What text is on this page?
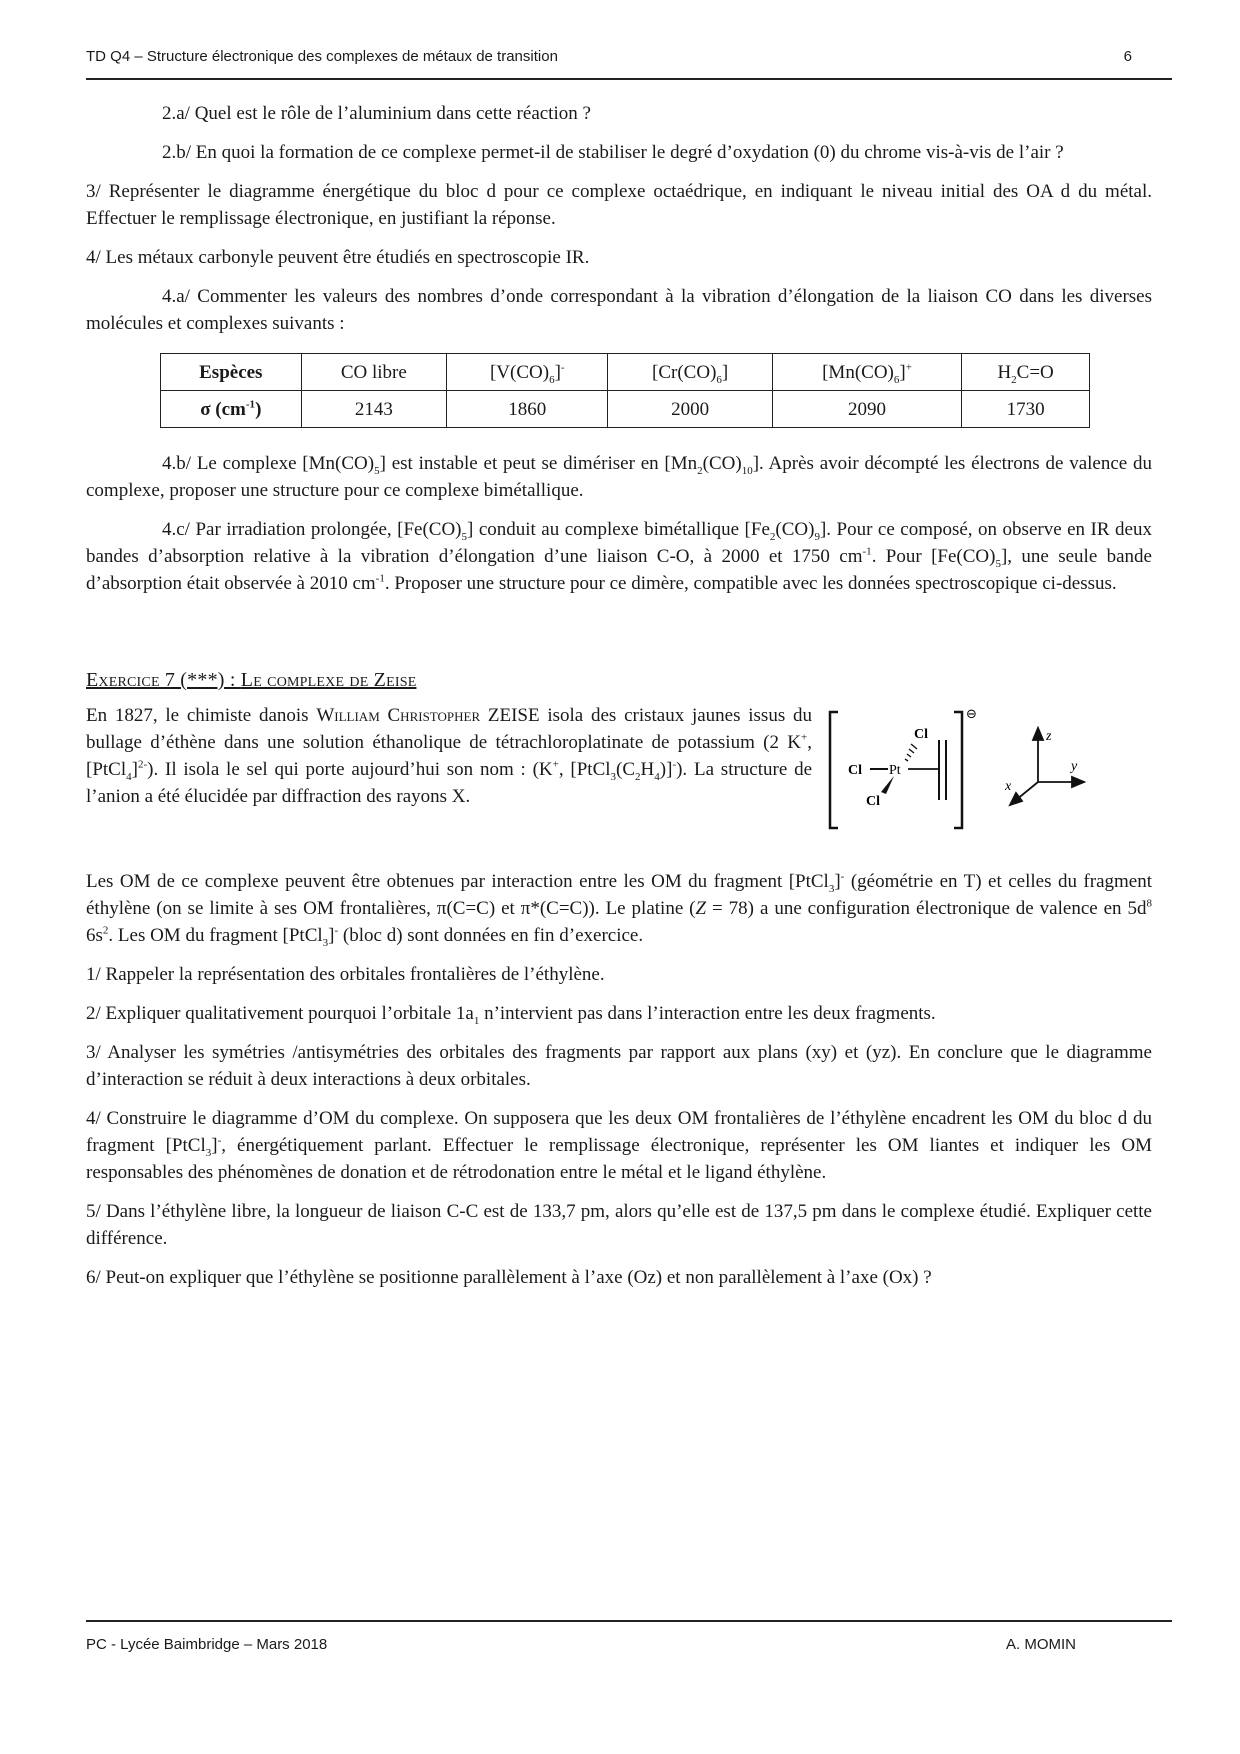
TD Q4 – Structure électronique des complexes de métaux de transition	6

2.a/ Quel est le rôle de l’aluminium dans cette réaction ?

2.b/ En quoi la formation de ce complexe permet-il de stabiliser le degré d’oxydation (0) du chrome vis-à-vis de l’air ?

3/ Représenter le diagramme énergétique du bloc d pour ce complexe octaédrique, en indiquant le niveau initial des OA d du métal. Effectuer le remplissage électronique, en justifiant la réponse.

4/ Les métaux carbonyle peuvent être étudiés en spectroscopie IR.

4.a/ Commenter les valeurs des nombres d’onde correspondant à la vibration d’élongation de la liaison CO dans les diverses molécules et complexes suivants :

Espèces	CO libre	$[V(CO)_6]^-$	$[Cr(CO)_6]$	$[Mn(CO)_6]^+$	$H_2C=O$
σ $(cm^{-1})$	2143	1860	2000	2090	1730

4.b/ Le complexe $[Mn(CO)_5]$ est instable et peut se dimériser en $[Mn_2(CO)_{10}]$. Après avoir décompté les électrons de valence du complexe, proposer une structure pour ce complexe bimétallique.

4.c/ Par irradiation prolongée, $[Fe(CO)_5]$ conduit au complexe bimétallique $[Fe_2(CO)_9]$. Pour ce composé, on observe en IR deux bandes d’absorption relative à la vibration d’élongation d’une liaison C-O, à 2000 et 1750 $cm^{-1}$. Pour $[Fe(CO)_5]$, une seule bande d’absorption était observée à 2010 $cm^{-1}$. Proposer une structure pour ce dimère, compatible avec les données spectroscopique ci-dessus.

Exercice 7 (***) : Le complexe de Zeise
En 1827, le chimiste danois William Christopher ZEISE isola des cristaux jaunes issus du bullage d’éthène dans une solution éthanolique de tétrachloroplatinate de potassium (2 K+, [PtCl$_4$]$^{2-}$). Il isola le sel qui porte aujourd’hui son nom : (K+, $[PtCl_3(C_2H_4)]^-$). La structure de l’anion a été élucidée par diffraction des rayons X.
⊖
Cl Pt
Cl
Cl
z
y
x

Les OM de ce complexe peuvent être obtenues par interaction entre les OM du fragment [PtCl$_3$]- (géométrie en T) et celles du fragment éthylène (on se limite à ses OM frontalières, π(C=C) et π*(C=C)). Le platine (Z = 78) a une configuration électronique de valence en $5d^8$ $6s^2$. Les OM du fragment [PtCl$_3$]- (bloc d) sont données en fin d’exercice.

1/ Rappeler la représentation des orbitales frontalières de l’éthylène.

2/ Expliquer qualitativement pourquoi l’orbitale $1a_1$ n’intervient pas dans l’interaction entre les deux fragments.

3/ Analyser les symétries /antisymétries des orbitales des fragments par rapport aux plans (xy) et (yz). En conclure que le diagramme d’interaction se réduit à deux interactions à deux orbitales.

4/ Construire le diagramme d’OM du complexe. On supposera que les deux OM frontalières de l’éthylène encadrent les OM du bloc d du fragment [PtCl$_3$]-, énergétiquement parlant. Effectuer le remplissage électronique, représenter les OM liantes et indiquer les OM responsables des phénomènes de donation et de rétrodonation entre le métal et le ligand éthylène.

5/ Dans l’éthylène libre, la longueur de liaison C-C est de 133,7 pm, alors qu’elle est de 137,5 pm dans le complexe étudié. Expliquer cette différence.

6/ Peut-on expliquer que l’éthylène se positionne parallèlement à l’axe (Oz) et non parallèlement à l’axe (Ox) ?

PC - Lycée Baimbridge – Mars 2018	A. MOMIN
